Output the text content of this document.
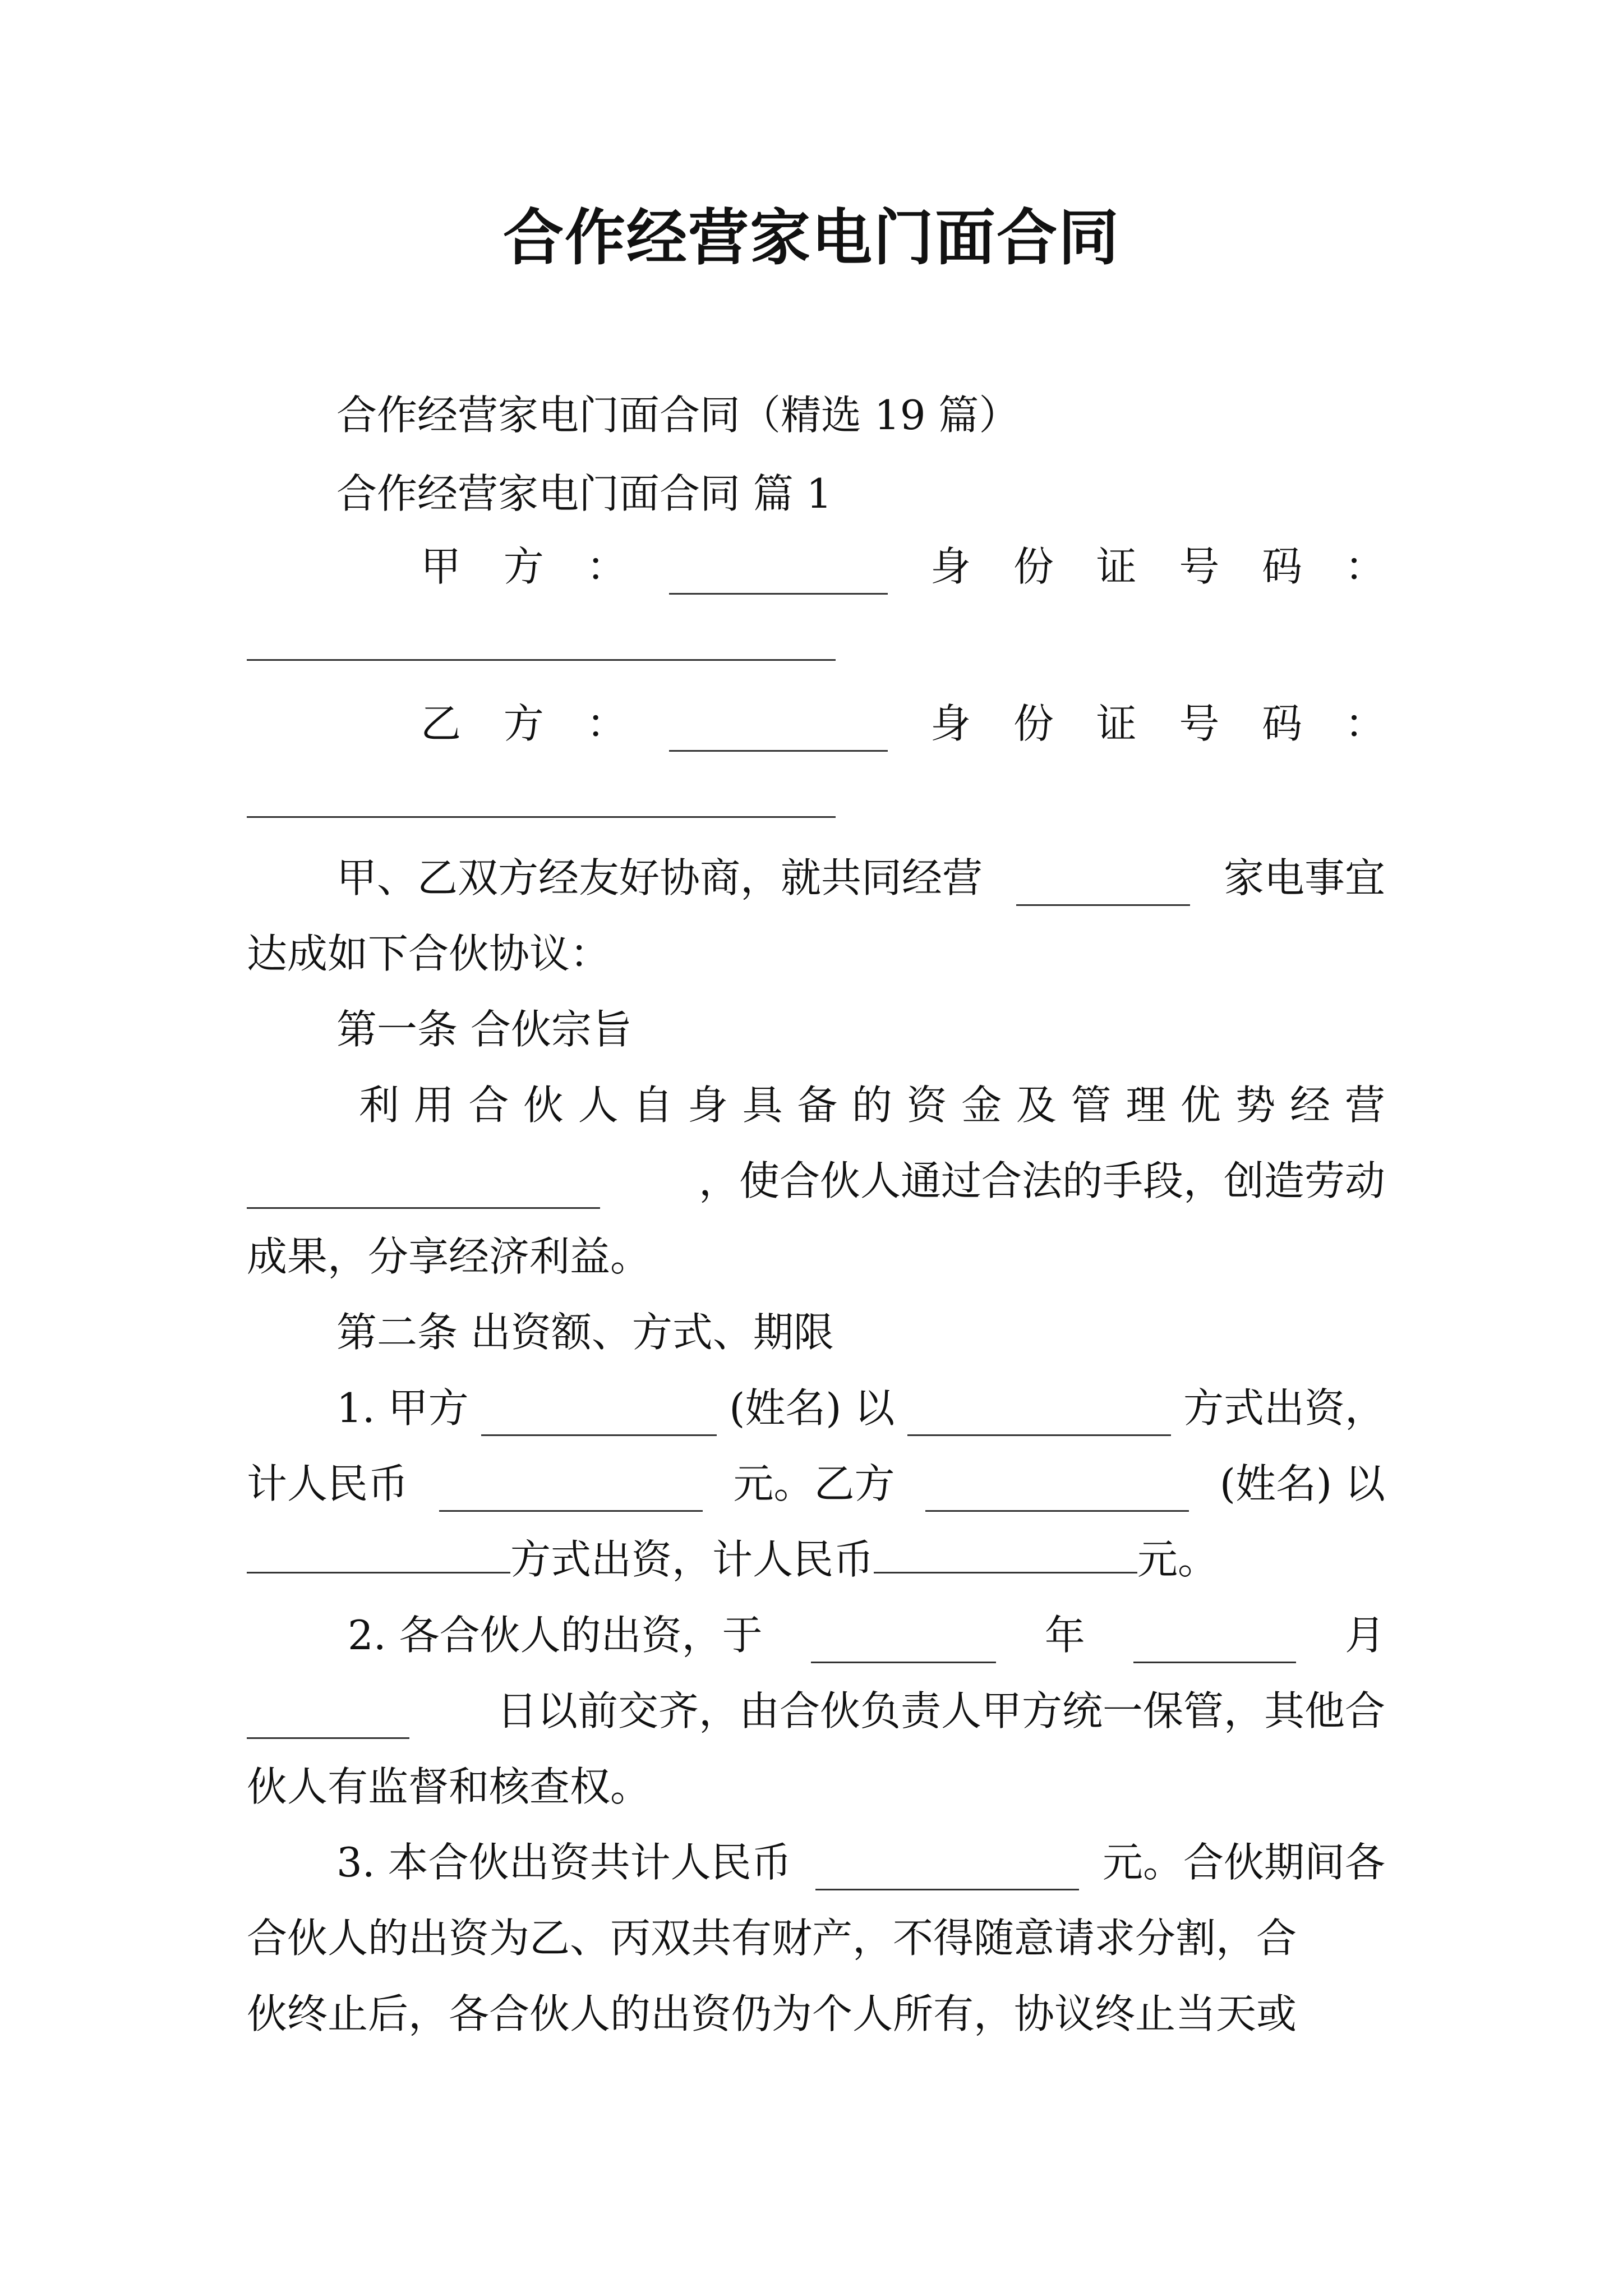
合作经营家电门面合同

合作经营家电门面合同（精选 19 篇）

合作经营家电门面合同 篇 1

甲 方 ：	身 份 证 号 码 ：
乙 方 ：	身 份 证 号 码 ：
甲、乙双方经友好协商，就共同经营	家电事宜

达成如下合伙协议：

第一条 合伙宗旨

利 用 合 伙 人 自 身 具 备 的 资 金 及 管 理 优 势 经 营
，使合伙人通过合法的手段，创造劳动

成果，分享经济利益。

第二条 出资额、方式、期限

1. 甲方	(姓名) 以	方式出资，
计人民币	元。乙方	(姓名) 以
方式出资，计人民币	元。
2. 各合伙人的出资，于	年	月
日以前交齐，由合伙负责人甲方统一保管，其他合

伙人有监督和核查权。

3. 本合伙出资共计人民币	元。合伙期间各

合伙人的出资为乙、丙双共有财产，不得随意请求分割，合

伙终止后，各合伙人的出资仍为个人所有，协议终止当天或
